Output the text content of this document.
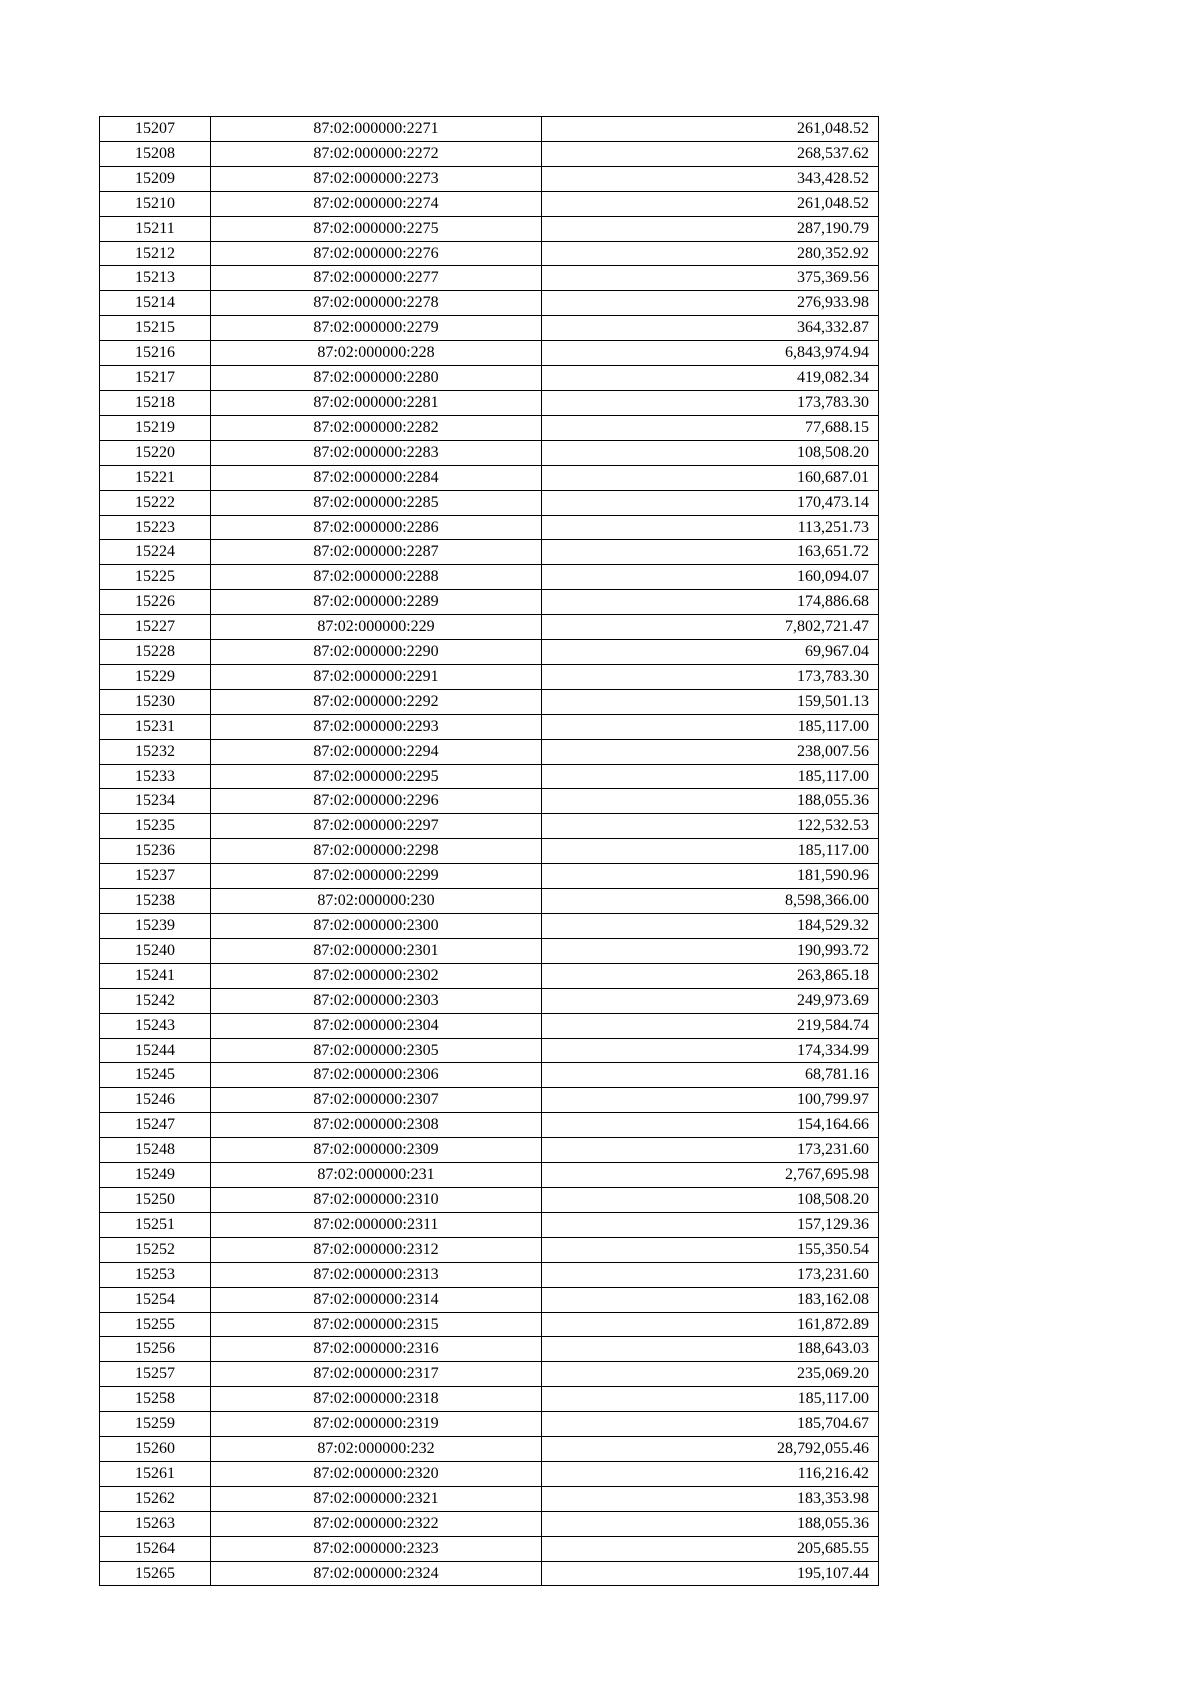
15207	87:02:000000:2271	261,048.52
15208	87:02:000000:2272	268,537.62
15209	87:02:000000:2273	343,428.52
15210	87:02:000000:2274	261,048.52
15211	87:02:000000:2275	287,190.79
15212	87:02:000000:2276	280,352.92
15213	87:02:000000:2277	375,369.56
15214	87:02:000000:2278	276,933.98
15215	87:02:000000:2279	364,332.87
15216	87:02:000000:228	6,843,974.94
15217	87:02:000000:2280	419,082.34
15218	87:02:000000:2281	173,783.30
15219	87:02:000000:2282	77,688.15
15220	87:02:000000:2283	108,508.20
15221	87:02:000000:2284	160,687.01
15222	87:02:000000:2285	170,473.14
15223	87:02:000000:2286	113,251.73
15224	87:02:000000:2287	163,651.72
15225	87:02:000000:2288	160,094.07
15226	87:02:000000:2289	174,886.68
15227	87:02:000000:229	7,802,721.47
15228	87:02:000000:2290	69,967.04
15229	87:02:000000:2291	173,783.30
15230	87:02:000000:2292	159,501.13
15231	87:02:000000:2293	185,117.00
15232	87:02:000000:2294	238,007.56
15233	87:02:000000:2295	185,117.00
15234	87:02:000000:2296	188,055.36
15235	87:02:000000:2297	122,532.53
15236	87:02:000000:2298	185,117.00
15237	87:02:000000:2299	181,590.96
15238	87:02:000000:230	8,598,366.00
15239	87:02:000000:2300	184,529.32
15240	87:02:000000:2301	190,993.72
15241	87:02:000000:2302	263,865.18
15242	87:02:000000:2303	249,973.69
15243	87:02:000000:2304	219,584.74
15244	87:02:000000:2305	174,334.99
15245	87:02:000000:2306	68,781.16
15246	87:02:000000:2307	100,799.97
15247	87:02:000000:2308	154,164.66
15248	87:02:000000:2309	173,231.60
15249	87:02:000000:231	2,767,695.98
15250	87:02:000000:2310	108,508.20
15251	87:02:000000:2311	157,129.36
15252	87:02:000000:2312	155,350.54
15253	87:02:000000:2313	173,231.60
15254	87:02:000000:2314	183,162.08
15255	87:02:000000:2315	161,872.89
15256	87:02:000000:2316	188,643.03
15257	87:02:000000:2317	235,069.20
15258	87:02:000000:2318	185,117.00
15259	87:02:000000:2319	185,704.67
15260	87:02:000000:232	28,792,055.46
15261	87:02:000000:2320	116,216.42
15262	87:02:000000:2321	183,353.98
15263	87:02:000000:2322	188,055.36
15264	87:02:000000:2323	205,685.55
15265	87:02:000000:2324	195,107.44
